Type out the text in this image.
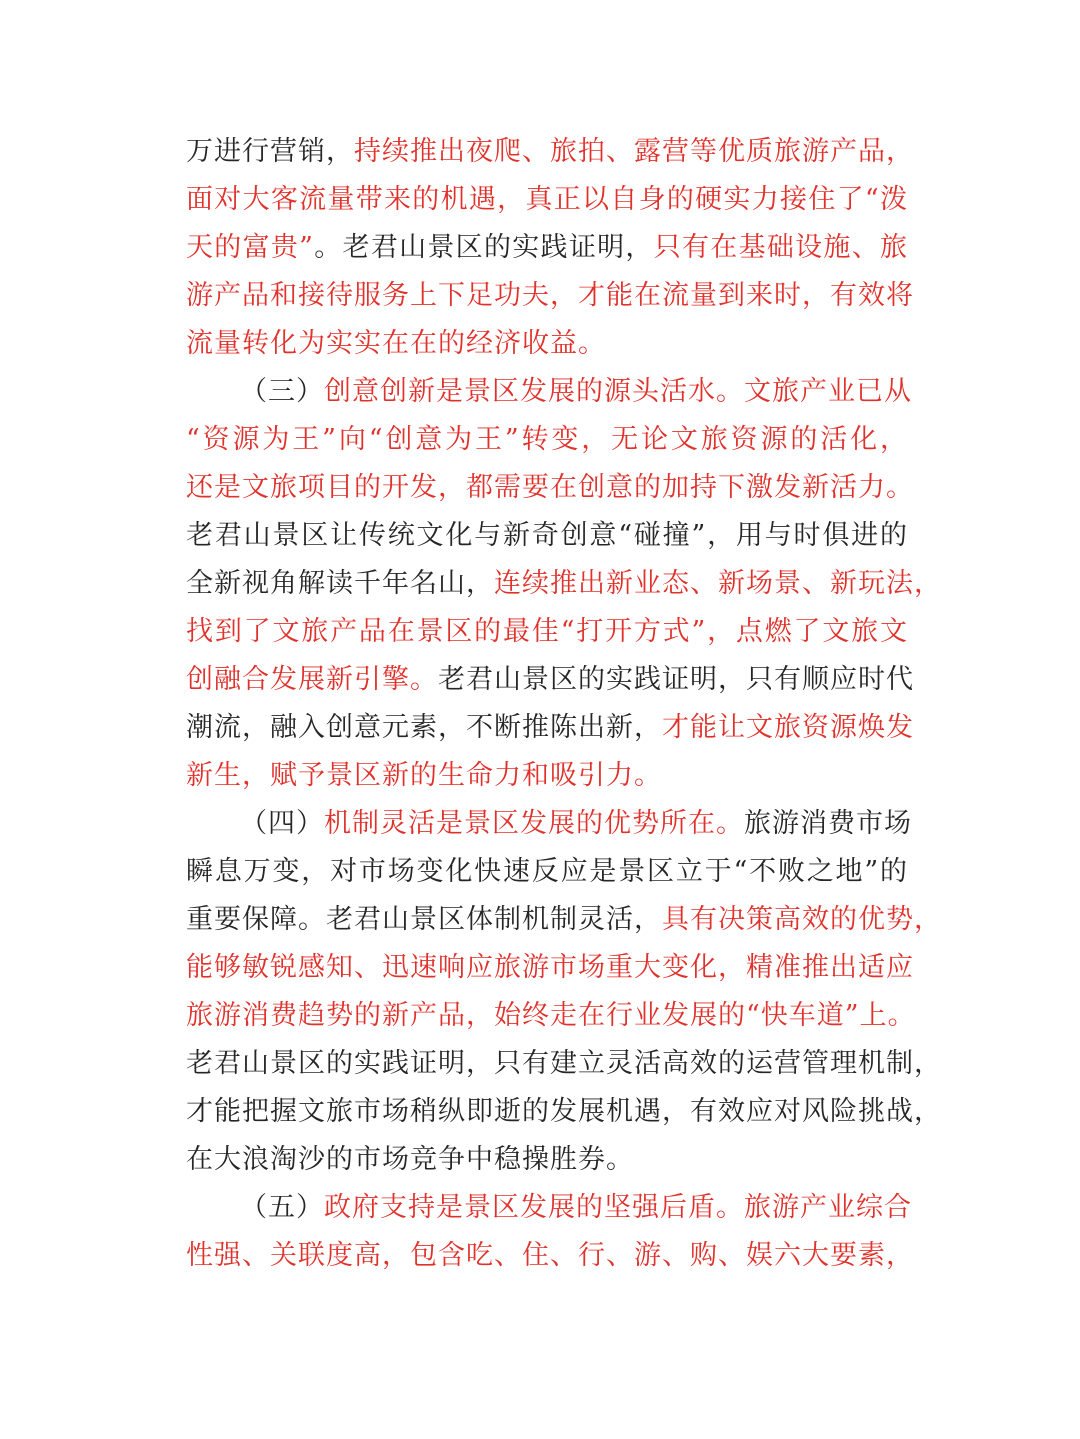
万进行营销，持续推出夜爬、旅拍、露营等优质旅游产品，
面对大客流量带来的机遇，真正以自身的硬实力接住了“泼
天的富贵”。老君山景区的实践证明，只有在基础设施、旅
游产品和接待服务上下足功夫，才能在流量到来时，有效将
流量转化为实实在在的经济收益。
（三）创意创新是景区发展的源头活水。文旅产业已从
“资源为王”向“创意为王”转变，无论文旅资源的活化，
还是文旅项目的开发，都需要在创意的加持下激发新活力。
老君山景区让传统文化与新奇创意“碰撞”，用与时俱进的
全新视角解读千年名山，连续推出新业态、新场景、新玩法，
找到了文旅产品在景区的最佳“打开方式”，点燃了文旅文
创融合发展新引擎。老君山景区的实践证明，只有顺应时代
潮流，融入创意元素，不断推陈出新，才能让文旅资源焕发
新生，赋予景区新的生命力和吸引力。
（四）机制灵活是景区发展的优势所在。旅游消费市场
瞬息万变，对市场变化快速反应是景区立于“不败之地”的
重要保障。老君山景区体制机制灵活，具有决策高效的优势，
能够敏锐感知、迅速响应旅游市场重大变化，精准推出适应
旅游消费趋势的新产品，始终走在行业发展的“快车道”上。
老君山景区的实践证明，只有建立灵活高效的运营管理机制，
才能把握文旅市场稍纵即逝的发展机遇，有效应对风险挑战，
在大浪淘沙的市场竞争中稳操胜券。
（五）政府支持是景区发展的坚强后盾。旅游产业综合
性强、关联度高，包含吃、住、行、游、购、娱六大要素，
